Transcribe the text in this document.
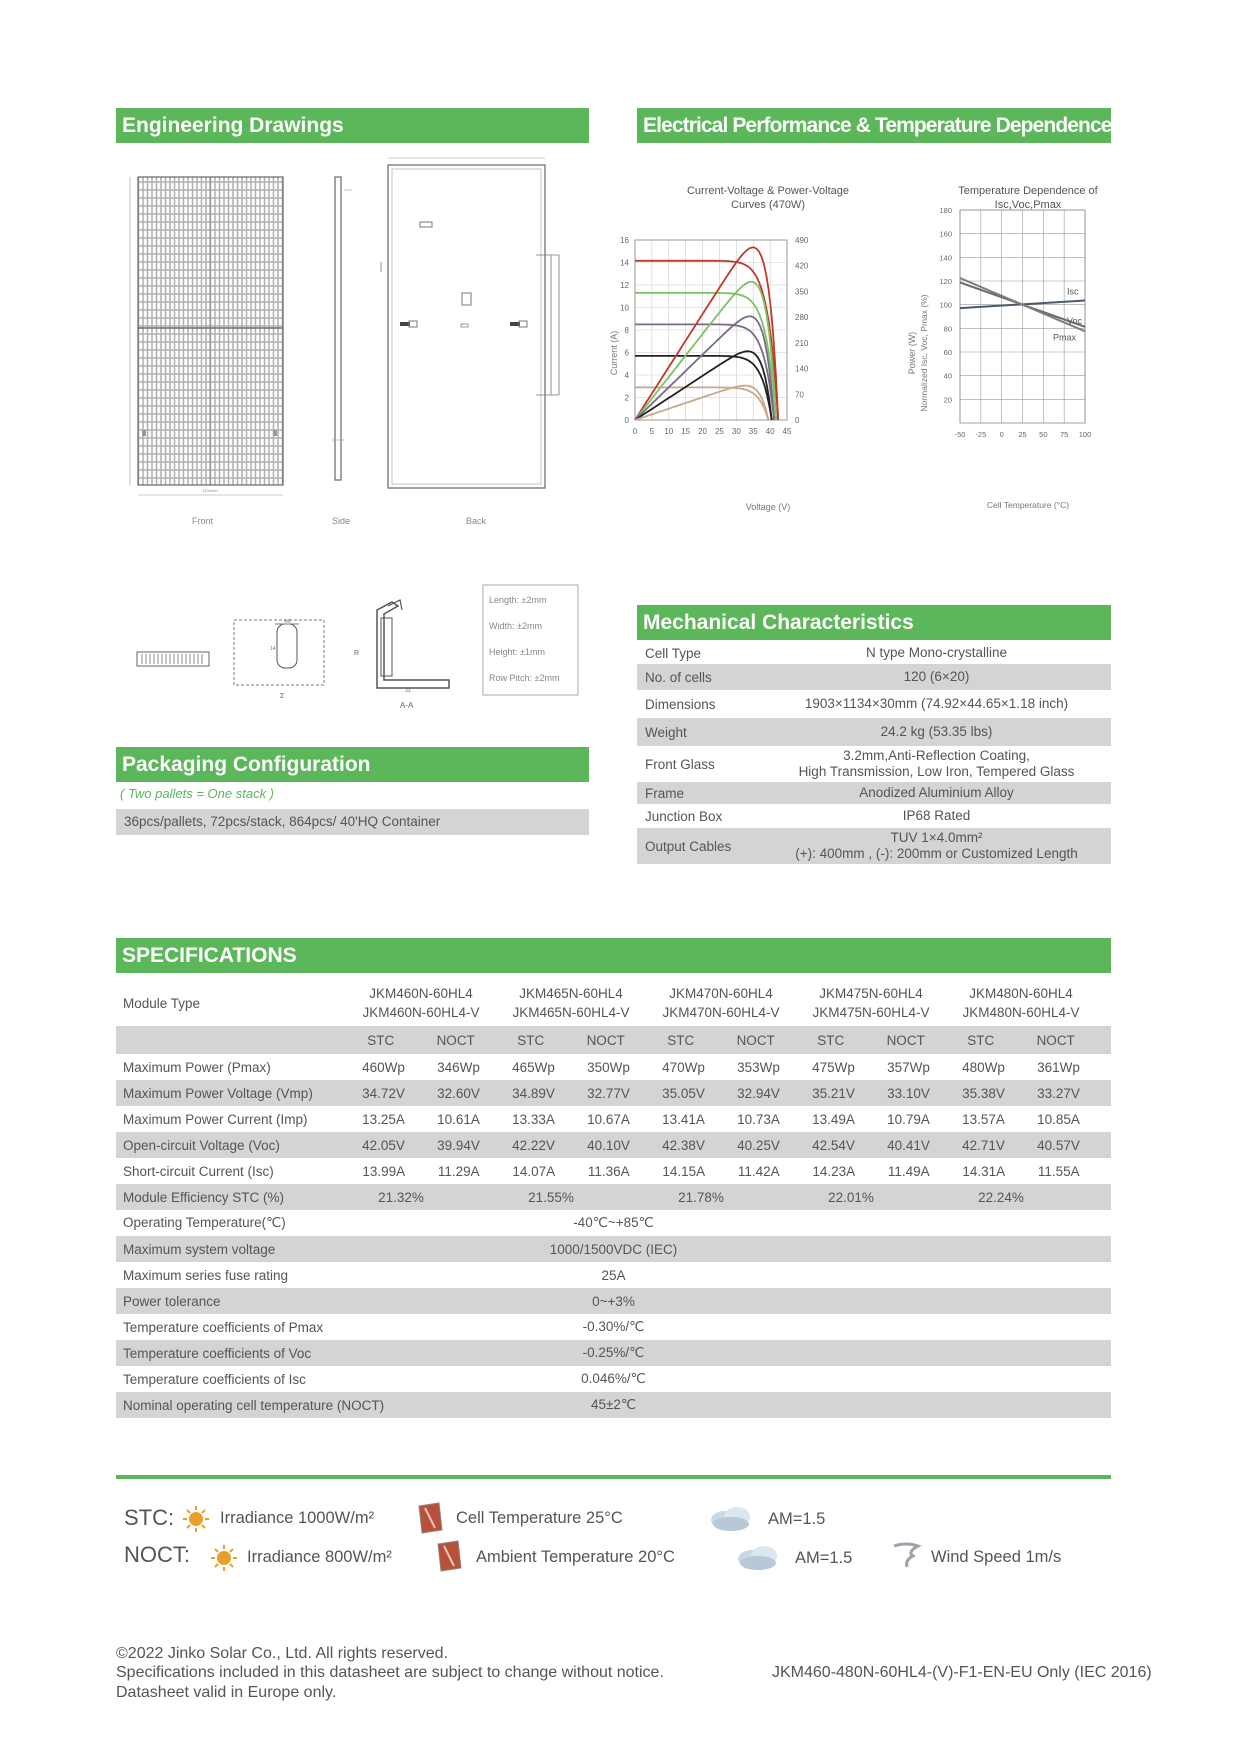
Engineering Drawings	Electrical Performance & Temperature Dependence
1134mm
Front	Side	Back
Φ6
14
Σ
R
33
A-A
Length: ±2mm
Width: ±2mm
Height: ±1mm
Row Pitch: ±2mm
Current-Voltage & Power-Voltage
Curves (470W)
Voltage (V)
Current (A)	Power (W)
0 5 10 15 20 25 30 35 40 45
0
2
4
6
8
10
12
14
16
0
70
140
210
280
350
420
490
Temperature Dependence of
Isc,Voc,Pmax
Cell Temperature (°C)
Normalized Isc, Voc, Pmax (%)
-50 -25 0 25 50 75 100
20
40
60
80
100
120
140
160
180
Isc
Voc
Pmax
Mechanical Characteristics
Cell Type	N type Mono-crystalline
No. of cells	120 (6×20)
Dimensions	1903×1134×30mm (74.92×44.65×1.18 inch)
Weight	24.2 kg (53.35 lbs)
Front Glass
3.2mm,Anti-Reflection Coating,
High Transmission, Low Iron, Tempered Glass
Frame	Anodized Aluminium Alloy
Junction Box	IP68 Rated
Output Cables
TUV 1×4.0mm²
(+): 400mm , (-): 200mm or Customized Length
Packaging Configuration
( Two pallets = One stack )
36pcs/pallets, 72pcs/stack, 864pcs/ 40'HQ Container
SPECIFICATIONS
Module Type
JKM460N-60HL4
JKM460N-60HL4-V
JKM465N-60HL4
JKM465N-60HL4-V
JKM470N-60HL4
JKM470N-60HL4-V
JKM475N-60HL4
JKM475N-60HL4-V
JKM480N-60HL4
JKM480N-60HL4-V
STC	NOCT	STC	NOCT	STC	NOCT	STC	NOCT	STC	NOCT
Maximum Power (Pmax)	460Wp 346Wp 465Wp 350Wp 470Wp 353Wp 475Wp 357Wp 480Wp 361Wp
Maximum Power Voltage (Vmp)	34.72V 32.60V 34.89V 32.77V 35.05V 32.94V 35.21V 33.10V 35.38V 33.27V
Maximum Power Current (Imp)	13.25A 10.61A 13.33A 10.67A 13.41A 10.73A 13.49A 10.79A 13.57A 10.85A
Open-circuit Voltage (Voc)	42.05V 39.94V 42.22V 40.10V 42.38V 40.25V 42.54V 40.41V 42.71V 40.57V
Short-circuit Current (Isc)	13.99A 11.29A 14.07A 11.36A 14.15A 11.42A 14.23A 11.49A 14.31A 11.55A
Module Efficiency STC (%)	21.32%	21.55%	21.78%	22.01%	22.24%
Operating Temperature(℃)	-40℃~+85℃
Maximum system voltage	1000/1500VDC (IEC)
Maximum series fuse rating	25A
Power tolerance	0~+3%
Temperature coefficients of Pmax	-0.30%/℃
Temperature coefficients of Voc	-0.25%/℃
Temperature coefficients of Isc	0.046%/℃
Nominal operating cell temperature (NOCT)	45±2℃
STC:
NOCT:
Irradiance 1000W/m²	Cell Temperature 25°C	AM=1.5
Irradiance 800W/m²	Ambient Temperature 20°C	AM=1.5	Wind Speed 1m/s
©2022 Jinko Solar Co., Ltd. All rights reserved.
Specifications included in this datasheet are subject to change without notice.
Datasheet valid in Europe only.
JKM460-480N-60HL4-(V)-F1-EN-EU Only (IEC 2016)
